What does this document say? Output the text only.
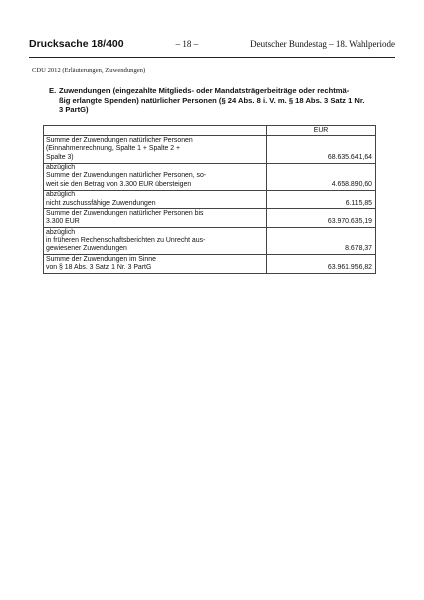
Drucksache 18/400	– 18 –	Deutscher Bundestag – 18. Wahlperiode
CDU 2012 (Erläuterungen, Zuwendungen)
E. Zuwendungen (eingezahlte Mitglieds- oder Mandatsträgerbeiträge oder rechtmä-
ßig erlangte Spenden) natürlicher Personen (§ 24 Abs. 8 i. V. m. § 18 Abs. 3 Satz 1 Nr.
3 PartG)
	EUR

Summe der Zuwendungen natürlicher Personen
(Einnahmenrechnung, Spalte 1 + Spalte 2 +
Spalte 3)	68.635.641,64

abzüglich
Summe der Zuwendungen natürlicher Personen, so-
weit sie den Betrag von 3.300 EUR übersteigen	4.658.890,60

abzüglich
nicht zuschussfähige Zuwendungen	6.115,85

Summe der Zuwendungen natürlicher Personen bis
3.300 EUR	63.970.635,19

abzüglich
in früheren Rechenschaftsberichten zu Unrecht aus-
gewiesener Zuwendungen	8.678,37

Summe der Zuwendungen im Sinne
von § 18 Abs. 3 Satz 1 Nr. 3 PartG	63.961.956,82
